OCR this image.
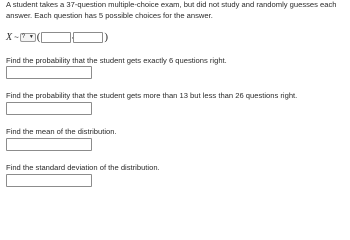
A student takes a 37-question multiple-choice exam, but did not study and randomly guesses each answer. Each question has 5 possible choices for the answer.
X ~ ? ▼ (	)
Find the probability that the student gets exactly 6 questions right.
Find the probability that the student gets more than 13 but less than 26 questions right.
Find the mean of the distribution.
Find the standard deviation of the distribution.
